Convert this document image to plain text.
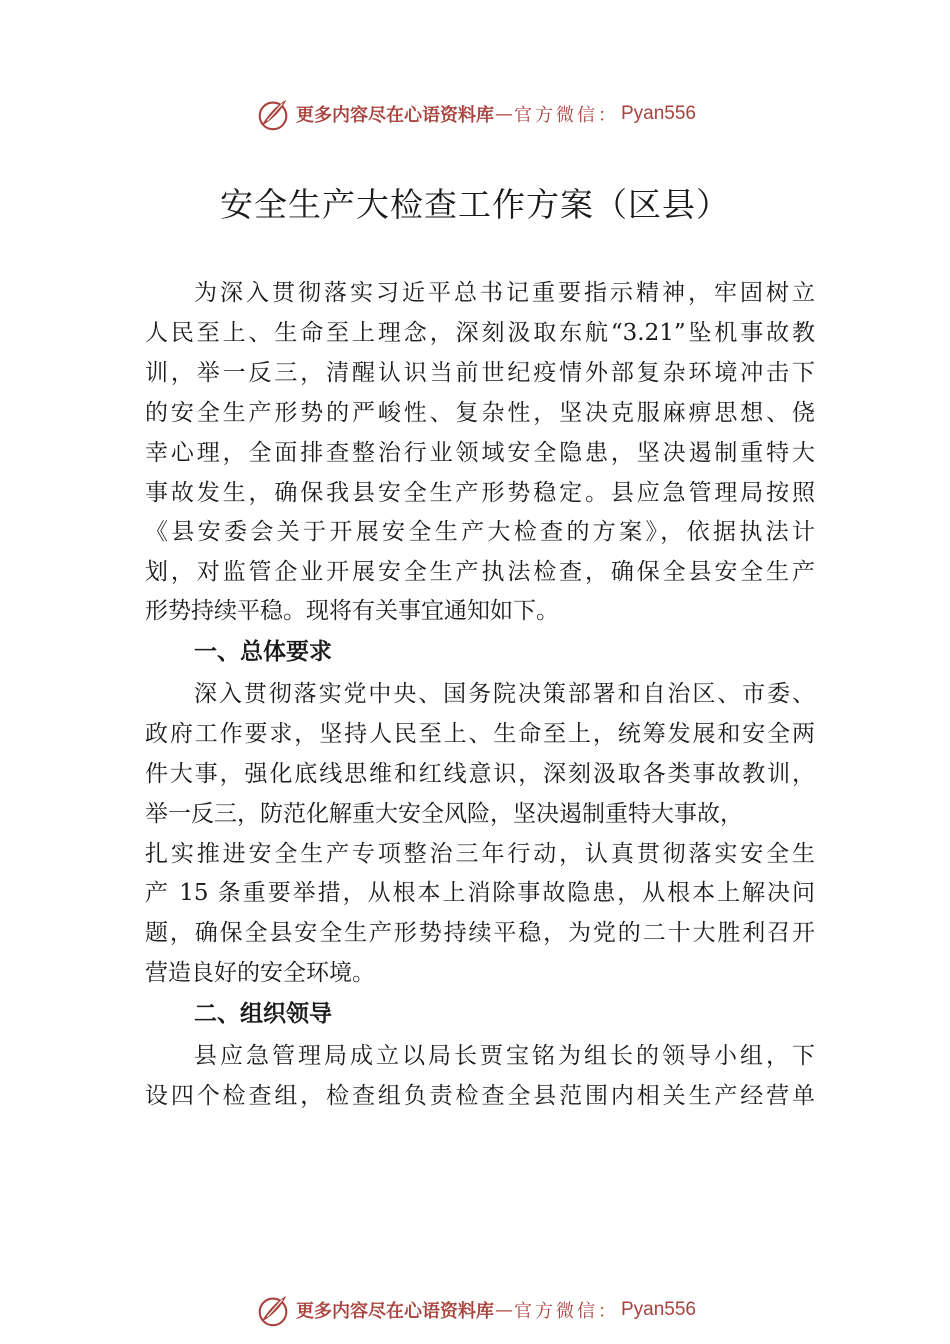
更多内容尽在心语资料库 — 官方微信： Pyan556
安全生产大检查工作方案（区县）
为深入贯彻落实习近平总书记重要指示精神，牢固树立
人民至上、生命至上理念，深刻汲取东航“3.21”坠机事故教
训，举一反三，清醒认识当前世纪疫情外部复杂环境冲击下
的安全生产形势的严峻性、复杂性，坚决克服麻痹思想、侥
幸心理，全面排查整治行业领域安全隐患，坚决遏制重特大
事故发生，确保我县安全生产形势稳定。县应急管理局按照
《县安委会关于开展安全生产大检查的方案》，依据执法计
划，对监管企业开展安全生产执法检查，确保全县安全生产
形势持续平稳。现将有关事宜通知如下。
一、总体要求
深入贯彻落实党中央、国务院决策部署和自治区、市委、
政府工作要求，坚持人民至上、生命至上，统筹发展和安全两
件大事，强化底线思维和红线意识，深刻汲取各类事故教训，
举一反三，防范化解重大安全风险，坚决遏制重特大事故，
扎实推进安全生产专项整治三年行动，认真贯彻落实安全生
产 15 条重要举措，从根本上消除事故隐患，从根本上解决问
题，确保全县安全生产形势持续平稳，为党的二十大胜利召开
营造良好的安全环境。
二、组织领导
县应急管理局成立以局长贾宝铭为组长的领导小组，下
设四个检查组，检查组负责检查全县范围内相关生产经营单
更多内容尽在心语资料库 — 官方微信： Pyan556
